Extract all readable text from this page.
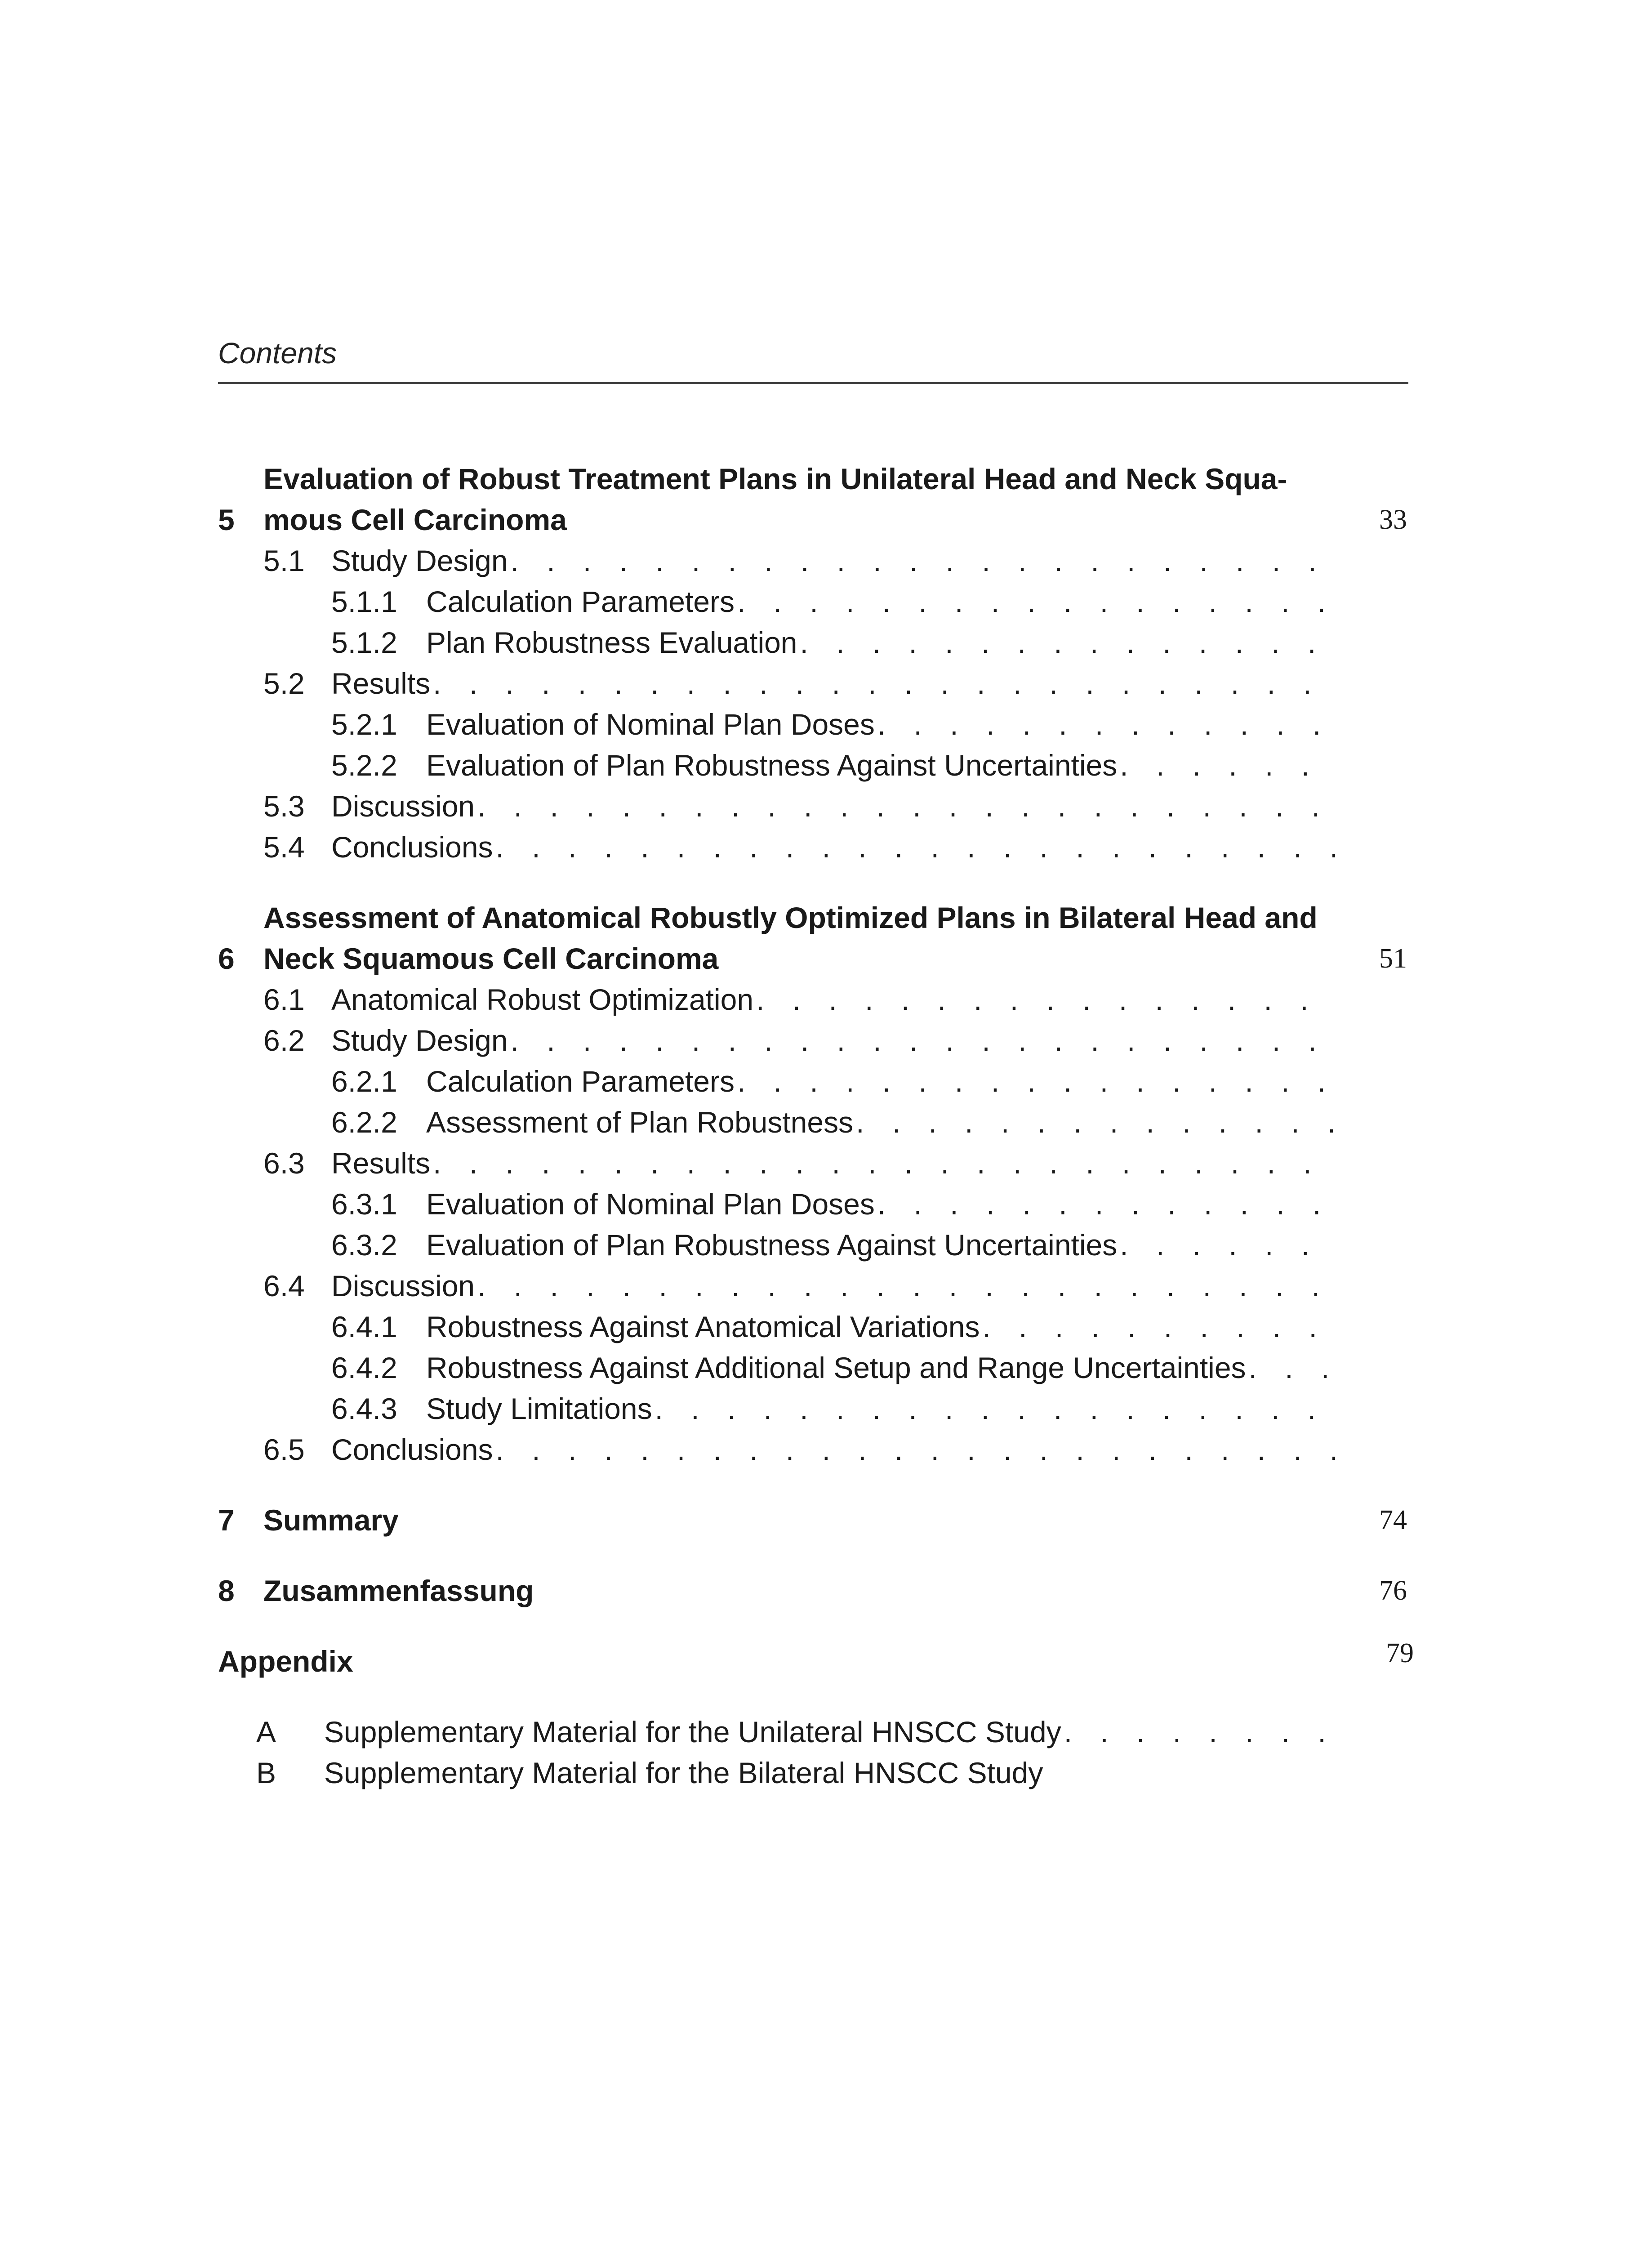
Contents
5
Evaluation of Robust Treatment Plans in Unilateral Head and Neck Squa-
mous Cell Carcinoma	33
5.1 Study Design
. . .
5.1.1 Calculation Parameters
. . .
5.1.2 Plan Robustness Evaluation
. . .
5.2 Results
. . .
5.2.1 Evaluation of Nominal Plan Doses
. . .
5.2.2 Evaluation of Plan Robustness Against Uncertainties
. . .
5.3 Discussion
. . .
5.4 Conclusions
. . .
6
Assessment of Anatomical Robustly Optimized Plans in Bilateral Head and
Neck Squamous Cell Carcinoma	51
6.1 Anatomical Robust Optimization
. . .
6.2 Study Design
. . .
6.2.1 Calculation Parameters
. . .
6.2.2 Assessment of Plan Robustness
. . .
6.3 Results
. . .
6.3.1 Evaluation of Nominal Plan Doses
. . .
6.3.2 Evaluation of Plan Robustness Against Uncertainties
. . .
6.4 Discussion
. . .
6.4.1 Robustness Against Anatomical Variations
. . .
6.4.2 Robustness Against Additional Setup and Range Uncertainties
. . .
6.4.3 Study Limitations
. . .
6.5 Conclusions
. . .
7 Summary	74
8 Zusammenfassung	76
Appendix	79
A	Supplementary Material for the Unilateral HNSCC Study
. . .
B	Supplementary Material for the Bilateral HNSCC Study
